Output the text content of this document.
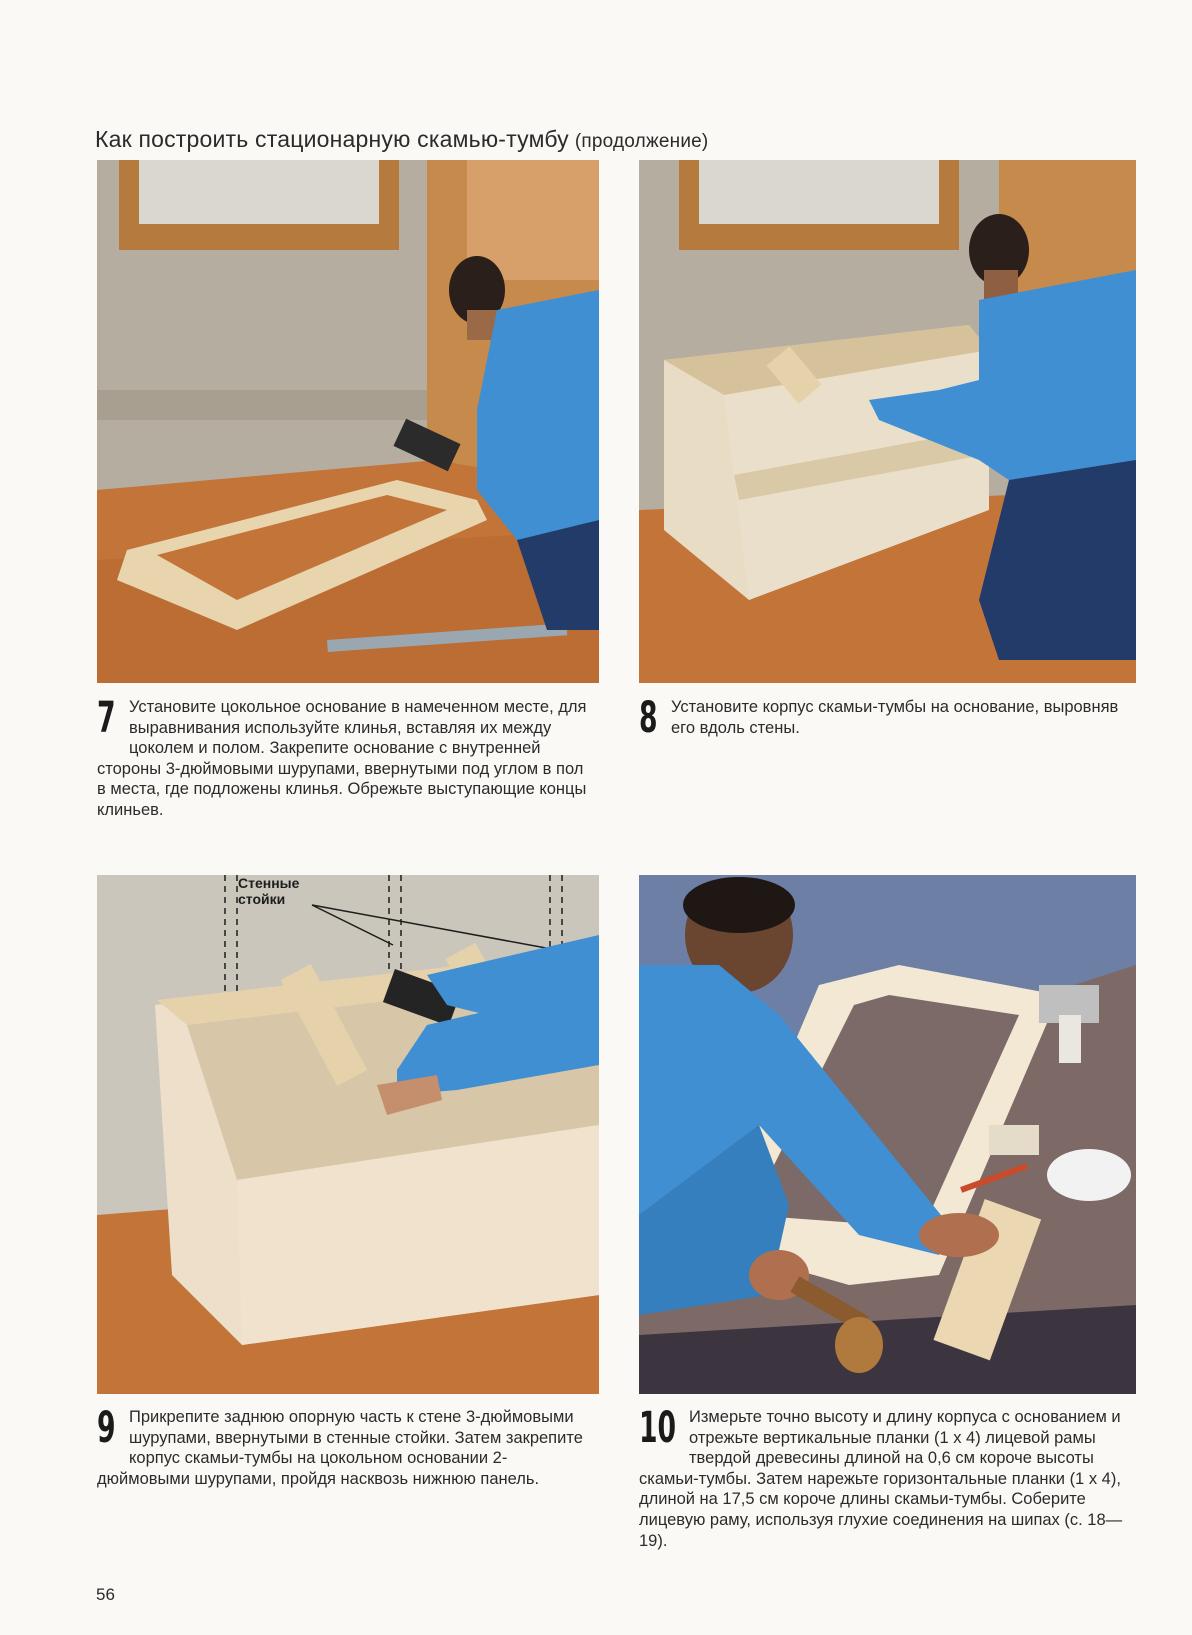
Как построить стационарную скамью-тумбу (продолжение)
7 Установите цокольное основание в намеченном месте, для выравнивания используйте клинья, вставляя их между цоколем и полом. Закрепите основание с внутренней стороны 3-дюймовыми шурупами, ввернутыми под углом в пол в места, где подложены клинья. Обрежьте выступающие концы клиньев.
8 Установите корпус скамьи-тумбы на основание, выровняв его вдоль стены.
Стенные
стойки
9 Прикрепите заднюю опорную часть к стене 3-дюймовыми шурупами, ввернутыми в стенные стойки. Затем закрепите корпус скамьи-тумбы на цокольном основании 2-дюймовыми шурупами, пройдя насквозь нижнюю панель.
10 Измерьте точно высоту и длину корпуса с основанием и отрежьте вертикальные планки (1 x 4) лицевой рамы твердой древесины длиной на 0,6 см короче высоты скамьи-тумбы. Затем нарежьте горизонтальные планки (1 x 4), длиной на 17,5 см короче длины скамьи-тумбы. Соберите лицевую раму, используя глухие соединения на шипах (с. 18—19).
56
